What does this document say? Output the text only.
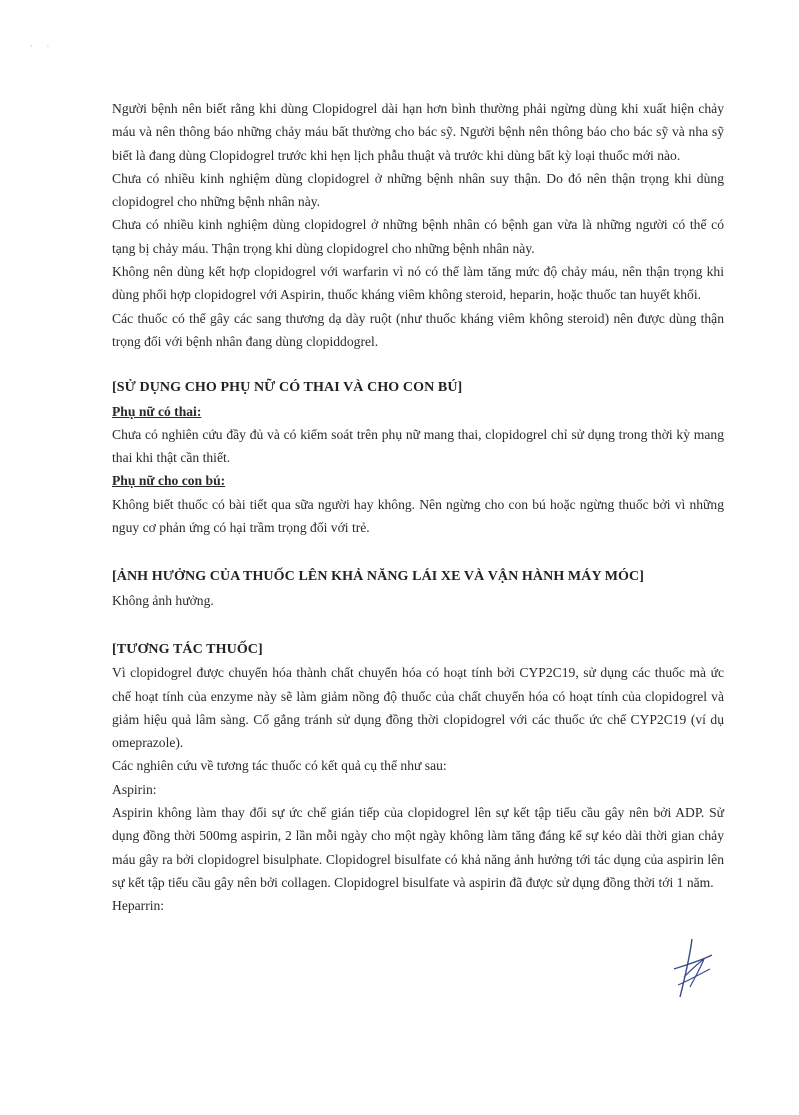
· ·

Người bệnh nên biết rằng khi dùng Clopidogrel dài hạn hơn bình thường phải ngừng dùng khi xuất hiện chảy máu và nên thông báo những chảy máu bất thường cho bác sỹ. Người bệnh nên thông báo cho bác sỹ và nha sỹ biết là đang dùng Clopidogrel trước khi hẹn lịch phẫu thuật và trước khi dùng bất kỳ loại thuốc mới nào.

Chưa có nhiều kinh nghiệm dùng clopidogrel ở những bệnh nhân suy thận. Do đó nên thận trọng khi dùng clopidogrel cho những bệnh nhân này.

Chưa có nhiều kinh nghiệm dùng clopidogrel ở những bệnh nhân có bệnh gan vừa là những người có thể có tạng bị chảy máu. Thận trọng khi dùng clopidogrel cho những bệnh nhân này.

Không nên dùng kết hợp clopidogrel với warfarin vì nó có thể làm tăng mức độ chảy máu, nên thận trọng khi dùng phối hợp clopidogrel với Aspirin, thuốc kháng viêm không steroid, heparin, hoặc thuốc tan huyết khối.

Các thuốc có thể gây các sang thương dạ dày ruột (như thuốc kháng viêm không steroid) nên được dùng thận trọng đối với bệnh nhân đang dùng clopiddogrel.

[SỬ DỤNG CHO PHỤ NỮ CÓ THAI VÀ CHO CON BÚ]

Phụ nữ có thai:

Chưa có nghiên cứu đầy đủ và có kiểm soát trên phụ nữ mang thai, clopidogrel chỉ sử dụng trong thời kỳ mang thai khi thật cần thiết.

Phụ nữ cho con bú:

Không biết thuốc có bài tiết qua sữa người hay không. Nên ngừng cho con bú hoặc ngừng thuốc bởi vì những nguy cơ phản ứng có hại trầm trọng đối với trẻ.

[ẢNH HƯỞNG CỦA THUỐC LÊN KHẢ NĂNG LÁI XE VÀ VẬN HÀNH MÁY MÓC]

Không ảnh hưởng.

[TƯƠNG TÁC THUỐC]

Vì clopidogrel được chuyển hóa thành chất chuyển hóa có hoạt tính bởi CYP2C19, sử dụng các thuốc mà ức chế hoạt tính của enzyme này sẽ làm giảm nồng độ thuốc của chất chuyển hóa có hoạt tính của clopidogrel và giảm hiệu quả lâm sàng. Cố gắng tránh sử dụng đồng thời clopidogrel với các thuốc ức chế CYP2C19 (ví dụ omeprazole).

Các nghiên cứu về tương tác thuốc có kết quả cụ thể như sau:

Aspirin:

Aspirin không làm thay đổi sự ức chế gián tiếp của clopidogrel lên sự kết tập tiểu cầu gây nên bởi ADP. Sử dụng đồng thời 500mg aspirin, 2 lần mỗi ngày cho một ngày không làm tăng đáng kể sự kéo dài thời gian chảy máu gây ra bởi clopidogrel bisulphate. Clopidogrel bisulfate có khả năng ảnh hưởng tới tác dụng của aspirin lên sự kết tập tiểu cầu gây nên bởi collagen. Clopidogrel bisulfate và aspirin đã được sử dụng đồng thời tới 1 năm.

Heparrin:
